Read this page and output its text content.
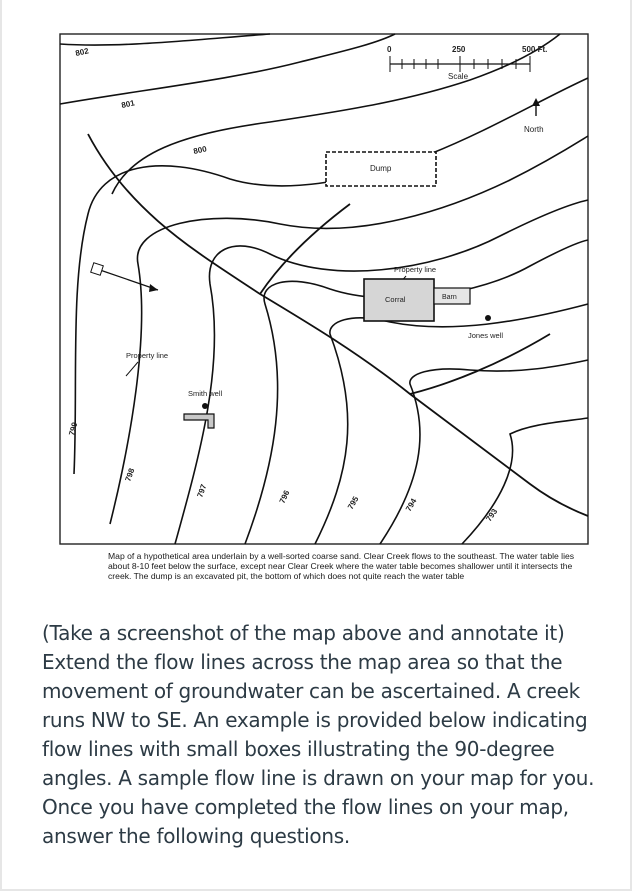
802
801
800
799
798
797	796	795	794
793
0	250	500 Ft.
Scale
North
Dump
Property line
Corral	Barn
Jones well
Property line
Smith well
Map of a hypothetical area underlain by a well-sorted coarse sand. Clear Creek flows to the southeast. The water table lies about 8-10 feet below the surface, except near Clear Creek where the water table becomes shallower until it intersects the creek. The dump is an excavated pit, the bottom of which does not quite reach the water table
(Take a screenshot of the map above and annotate it) Extend the flow lines across the map area so that the movement of groundwater can be ascertained. A creek runs NW to SE. An example is provided below indicating flow lines with small boxes illustrating the 90-degree angles. A sample flow line is drawn on your map for you. Once you have completed the flow lines on your map, answer the following questions.
